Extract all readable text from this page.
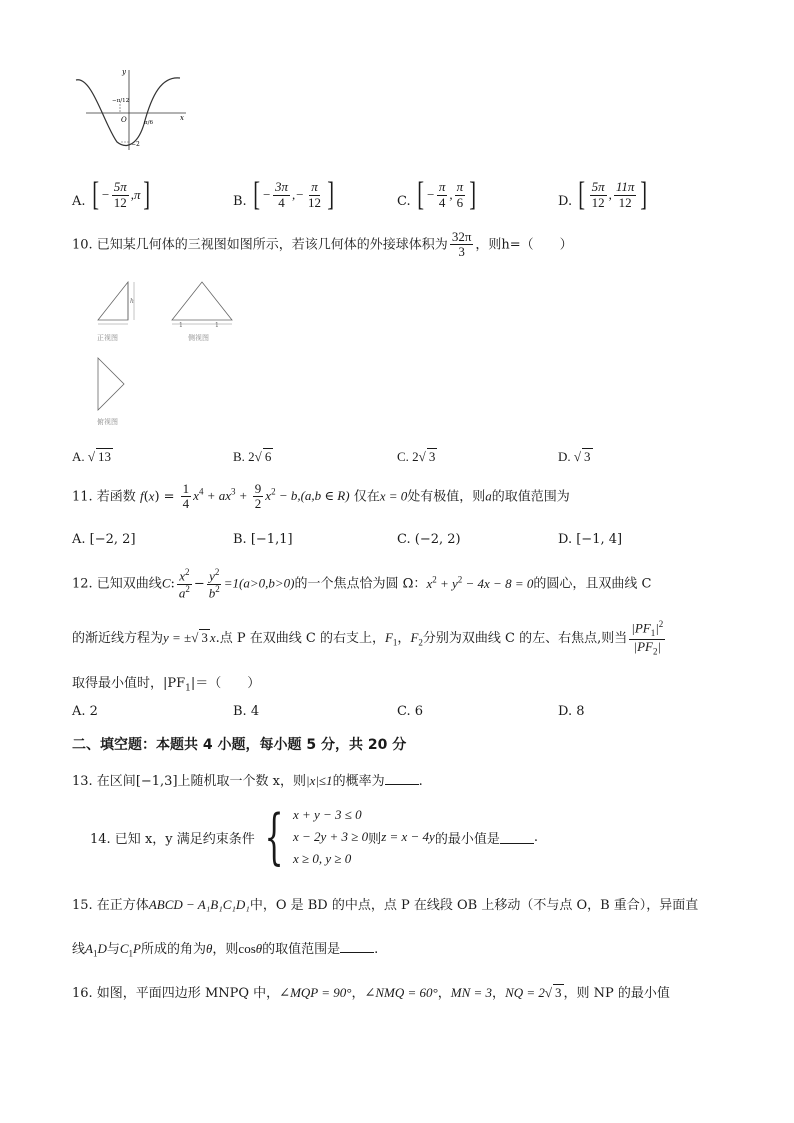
y
x
O
−π/12
π/6
−2
A. [ − $\frac{5\pi}{12} ,\pi$ ]	B. [ − $\frac{3\pi}{4}$ ,− $\frac{\pi}{12}$ ]	C. [ − $\frac{\pi}{4}$ , $\frac{\pi}{6}$ ]	D. [ $\frac{5\pi}{12}$ , $\frac{11\pi}{12}$ ]
10. 已知某几何体的三视图如图所示，若该几何体的外接球体积为 $\frac{32\pi}{3}$ ，则h=（　　）
h
正视图
1	1
侧视图
俯视图
A. √ 13	B. 2√ 6	C. 2√ 3	D. √ 3
11. 若函数 $f(x) = \frac{1}{4} x^4 + ax^3 + \frac{9}{2} x^2 - b,(a,b$ ∈ R) 仅在x = 0处有极值，则a的取值范围为
A. [−2, 2]	B. [−1,1]	C. (−2, 2)	D. [−1, 4]
12. 已知双曲线C: $\frac{x^2}{a^2} - \frac{y^2}{b^2} =1(a>0,b>0)$的一个焦点恰为圆 Ω：$x^2 + y^2 - 4x - 8 = 0$的圆心，且双曲线 C
的渐近线方程为y = ±√ 3 x.点 P 在双曲线 C 的右支上，$F_1$，$F_2$分别为双曲线 C 的左、右焦点,则当 $\frac{|PF_1|^2}{|PF_2|}$
取得最小值时，$|PF_1|=$（　　）
A. 2	B. 4	C. 6	D. 8
二、填空题：本题共 4 小题，每小题 5 分，共 20 分
13. 在区间[−1,3]上随机取一个数 x，则|x|≤1的概率为	.
14. 已知 x，y 满足约束条件 { x + y − 3 ≤ 0
x − 2y + 3 ≥ 0
x ≥ 0, y ≥ 0
则 z = x − 4y 的最小值是	.
15. 在正方体ABCD − A₁B₁C₁D₁中，O 是 BD 的中点，点 P 在线段 OB 上移动（不与点 O，B 重合），异面直
线$A_1D$与$C_1P$所成的角为θ，则cosθ的取值范围是	.
16. 如图，平面四边形 MNPQ 中，∠MQP = 90°，∠NMQ = 60°，MN = 3，NQ = 2√ 3 ，则 NP 的最小值
